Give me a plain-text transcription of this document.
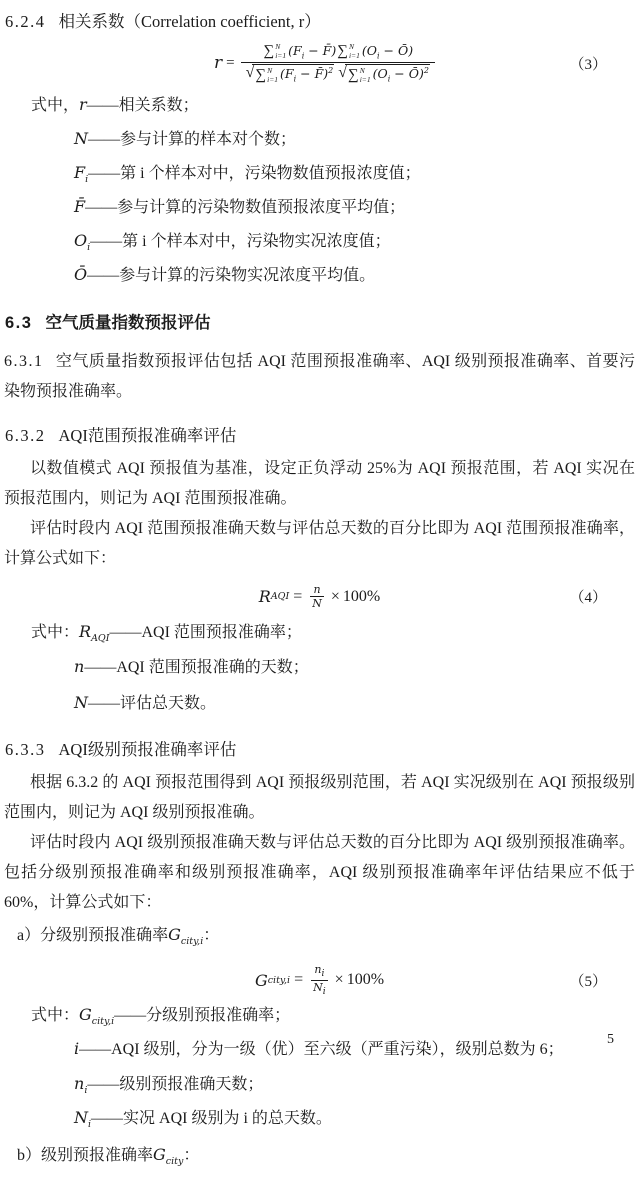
6.2.4 相关系数（Correlation coefficient, r）
r =
∑ N
i=1 ($F_i$ − F̄) ∑ N
i=1 ($O_i$ − Ō)
√ ∑ N
i=1 ($F_i$ − F̄)$^2$ √ ∑ N
i=1 ($O_i$ − Ō)$^2$	（3）
式中，r——相关系数；
N——参与计算的样本对个数；
$F_i——$第 i 个样本对中，污染物数值预报浓度值；
F̄——参与计算的污染物数值预报浓度平均值；
$O_i——$第 i 个样本对中，污染物实况浓度值；
Ō——参与计算的污染物实况浓度平均值。
6.3 空气质量指数预报评估

6.3.1 空气质量指数预报评估包括 AQI 范围预报准确率、AQI 级别预报准确率、首要污染物预报准确率。

6.3.2 AQI范围预报准确率评估

以数值模式 AQI 预报值为基准，设定正负浮动 25%为 AQI 预报范围，若 AQI 实况在预报范围内，则记为 AQI 范围预报准确。

评估时段内 AQI 范围预报准确天数与评估总天数的百分比即为 AQI 范围预报准确率，计算公式如下：

R AQI = $\frac{n}{N} \times 100\%$	（4）
式中：$R_{AQI}——AQI$ 范围预报准确率；
n——AQI 范围预报准确的天数；
N——评估总天数。
6.3.3 AQI级别预报准确率评估

根据 6.3.2 的 AQI 预报范围得到 AQI 预报级别范围，若 AQI 实况级别在 AQI 预报级别范围内，则记为 AQI 级别预报准确。

评估时段内 AQI 级别预报准确天数与评估总天数的百分比即为 AQI 级别预报准确率。包括分级别预报准确率和级别预报准确率，AQI 级别预报准确率年评估结果应不低于 60%，计算公式如下：

a）分级别预报准确率$G_{city,i}$：
G city,i = $\frac{n_i}{N_i} \times 100\%$	（5）
式中：$G_{city,i}——$分级别预报准确率；
i——AQI 级别，分为一级（优）至六级（严重污染），级别总数为 6；
$n_i——$级别预报准确天数；
$N_i——$实况 AQI 级别为 i 的总天数。
b）级别预报准确率$G_{city}$：
5
